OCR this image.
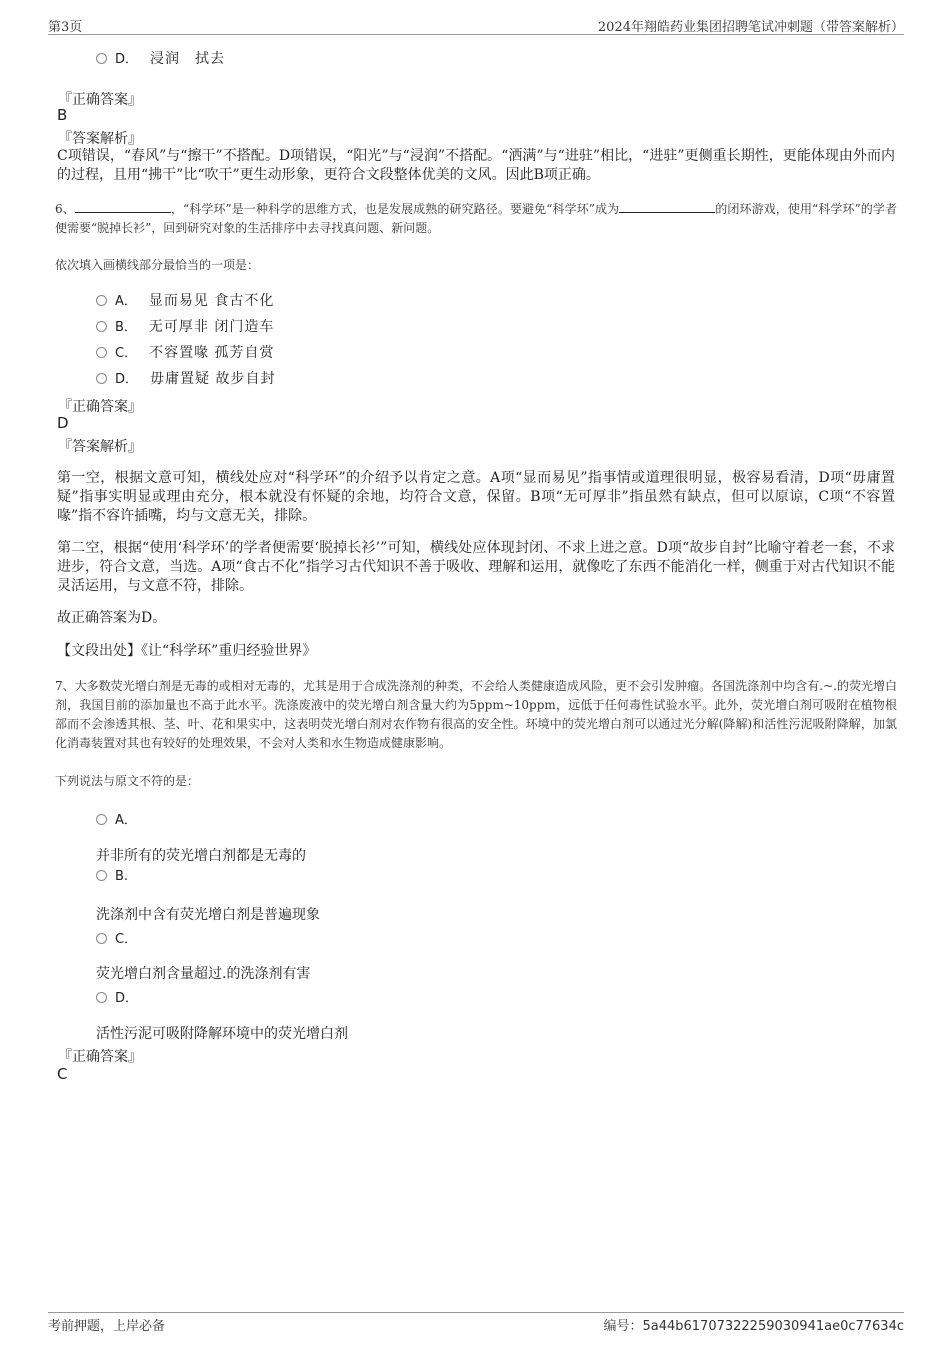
第3页	2024年翔皓药业集团招聘笔试冲刺题（带答案解析）
D． 浸润　拭去
『正确答案』
B
『答案解析』
C项错误，“春风”与“擦干”不搭配。D项错误，“阳光”与“浸润”不搭配。“洒满”与“进驻”相比，“进驻”更侧重长期性，更能体现由外而内的过程，且用“拂干”比“吹干”更生动形象，更符合文段整体优美的文风。因此B项正确。
6、	，“科学环”是一种科学的思维方式，也是发展成熟的研究路径。要避免“科学环”成为	的闭环游戏，使用“科学环”的学者便需要“脱掉长衫”，回到研究对象的生活排序中去寻找真问题、新问题。
依次填入画横线部分最恰当的一项是：
A． 显而易见 食古不化
B． 无可厚非 闭门造车
C． 不容置喙 孤芳自赏
D． 毋庸置疑 故步自封
『正确答案』
D
『答案解析』
第一空，根据文意可知，横线处应对“科学环”的介绍予以肯定之意。A项“显而易见”指事情或道理很明显，极容易看清，D项“毋庸置疑”指事实明显或理由充分，根本就没有怀疑的余地，均符合文意，保留。B项“无可厚非”指虽然有缺点，但可以原谅，C项“不容置喙”指不容许插嘴，均与文意无关，排除。
第二空，根据“使用‘科学环’的学者便需要‘脱掉长衫’”可知，横线处应体现封闭、不求上进之意。D项“故步自封”比喻守着老一套，不求进步，符合文意，当选。A项“食古不化”指学习古代知识不善于吸收、理解和运用，就像吃了东西不能消化一样，侧重于对古代知识不能灵活运用，与文意不符，排除。
故正确答案为D。
【文段出处】《让“科学环”重归经验世界》
7、大多数荧光增白剂是无毒的或相对无毒的，尤其是用于合成洗涤剂的种类，不会给人类健康造成风险，更不会引发肿瘤。各国洗涤剂中均含有.~.的荧光增白剂，我国目前的添加量也不高于此水平。洗涤废液中的荧光增白剂含量大约为5ppm~10ppm，远低于任何毒性试验水平。此外，荧光增白剂可吸附在植物根部而不会渗透其根、茎、叶、花和果实中，这表明荧光增白剂对农作物有很高的安全性。环境中的荧光增白剂可以通过光分解(降解)和活性污泥吸附降解，加氯化消毒装置对其也有较好的处理效果，不会对人类和水生物造成健康影响。
下列说法与原文不符的是：
A．
并非所有的荧光增白剂都是无毒的
B.
洗涤剂中含有荧光增白剂是普遍现象
C．
荧光增白剂含量超过.的洗涤剂有害
D．
活性污泥可吸附降解环境中的荧光增白剂
『正确答案』
C
考前押题，上岸必备	编号：5a44b61707322259030941ae0c77634c
